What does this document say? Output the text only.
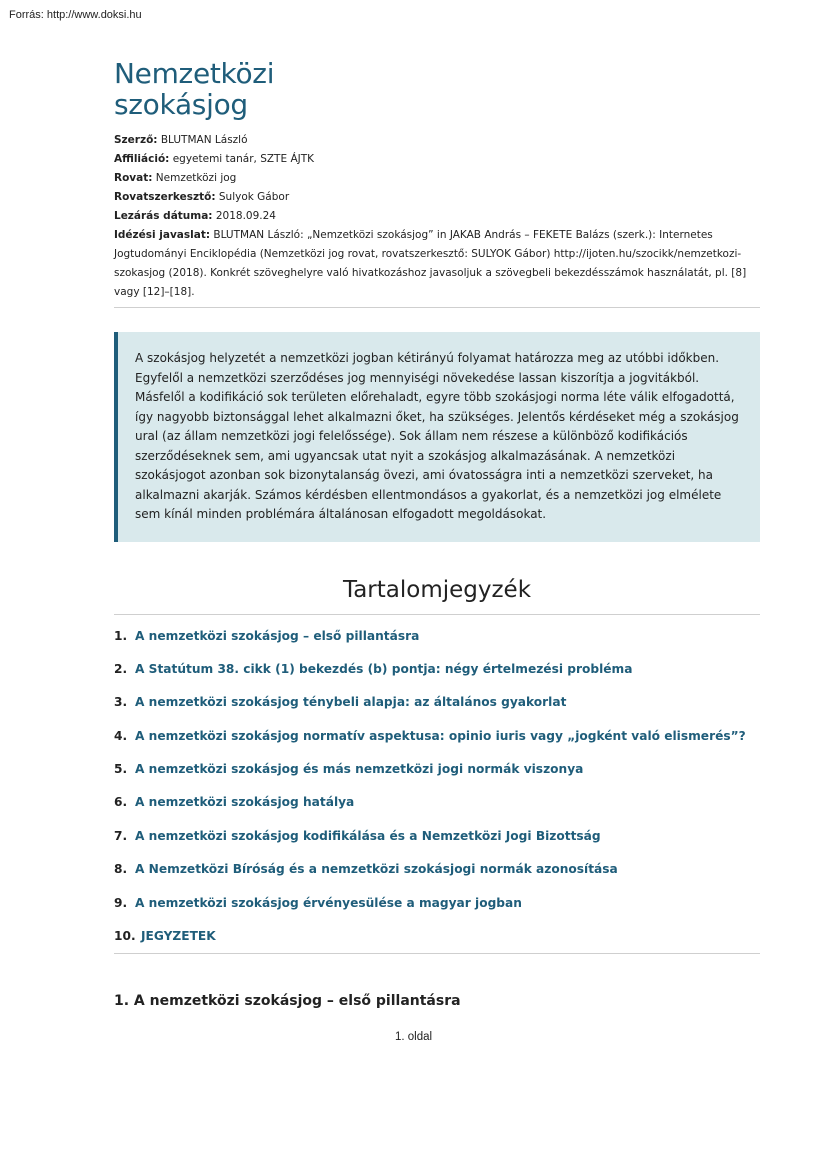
Forrás: http://www.doksi.hu
Nemzetközi
szokásjog
Szerző: BLUTMAN László
Affiliáció: egyetemi tanár, SZTE ÁJTK
Rovat: Nemzetközi jog
Rovatszerkesztő: Sulyok Gábor
Lezárás dátuma: 2018.09.24
Idézési javaslat: BLUTMAN László: „Nemzetközi szokásjog” in JAKAB András – FEKETE Balázs (szerk.): Internetes Jogtudományi Enciklopédia (Nemzetközi jog rovat, rovatszerkesztő: SULYOK Gábor) http://ijoten.hu/szocikk/nemzetkozi-szokasjog (2018). Konkrét szöveghelyre való hivatkozáshoz javasoljuk a szövegbeli bekezdésszámok használatát, pl. [8] vagy [12]–[18].
A szokásjog helyzetét a nemzetközi jogban kétirányú folyamat határozza meg az utóbbi időkben. Egyfelől a nemzetközi szerződéses jog mennyiségi növekedése lassan kiszorítja a jogvitákból. Másfelől a kodifikáció sok területen előrehaladt, egyre több szokásjogi norma léte válik elfogadottá, így nagyobb biztonsággal lehet alkalmazni őket, ha szükséges. Jelentős kérdéseket még a szokásjog ural (az állam nemzetközi jogi felelőssége). Sok állam nem részese a különböző kodifikációs szerződéseknek sem, ami ugyancsak utat nyit a szokásjog alkalmazásának. A nemzetközi szokásjogot azonban sok bizonytalanság övezi, ami óvatosságra inti a nemzetközi szerveket, ha alkalmazni akarják. Számos kérdésben ellentmondásos a gyakorlat, és a nemzetközi jog elmélete sem kínál minden problémára általánosan elfogadott megoldásokat.
Tartalomjegyzék
1. A nemzetközi szokásjog – első pillantásra
2. A Statútum 38. cikk (1) bekezdés (b) pontja: négy értelmezési probléma
3. A nemzetközi szokásjog ténybeli alapja: az általános gyakorlat
4. A nemzetközi szokásjog normatív aspektusa: opinio iuris vagy „jogként való elismerés”?
5. A nemzetközi szokásjog és más nemzetközi jogi normák viszonya
6. A nemzetközi szokásjog hatálya
7. A nemzetközi szokásjog kodifikálása és a Nemzetközi Jogi Bizottság
8. A Nemzetközi Bíróság és a nemzetközi szokásjogi normák azonosítása
9. A nemzetközi szokásjog érvényesülése a magyar jogban
10. JEGYZETEK
1. A nemzetközi szokásjog – első pillantásra
1. oldal
